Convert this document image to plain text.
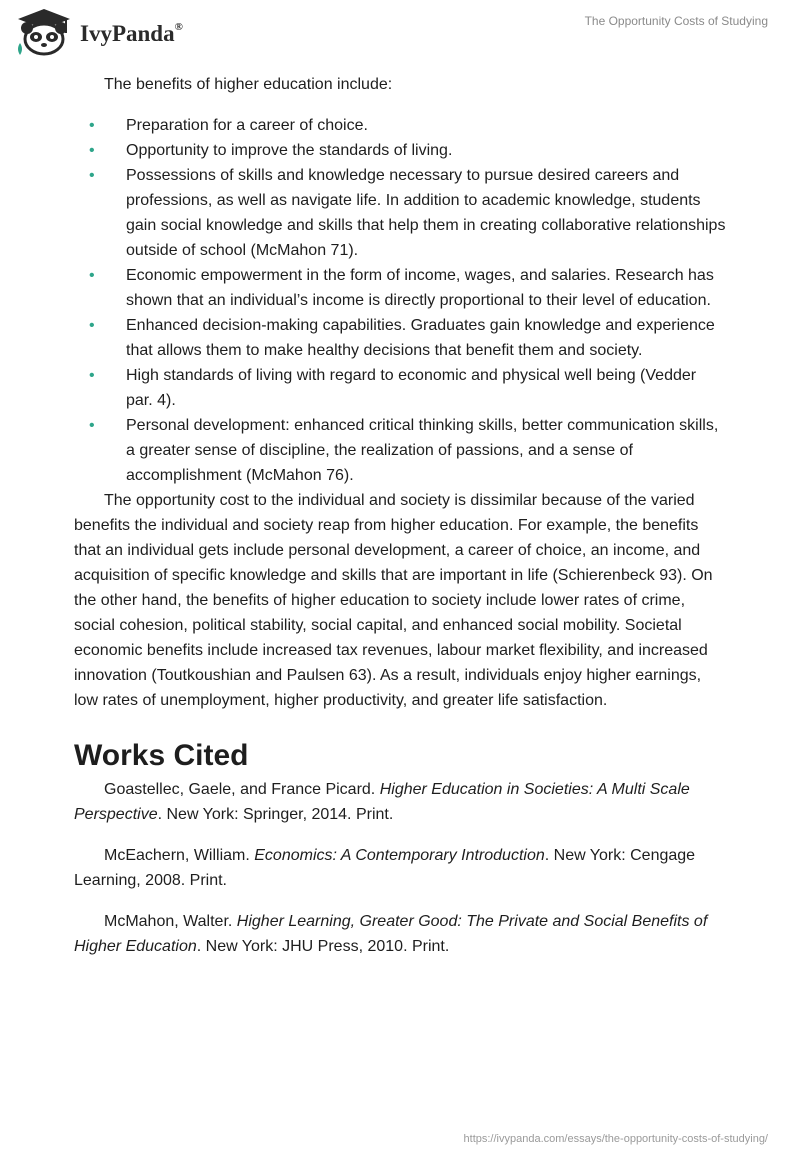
IvyPanda®	The Opportunity Costs of Studying

The benefits of higher education include:

• Preparation for a career of choice.
• Opportunity to improve the standards of living.
• Possessions of skills and knowledge necessary to pursue desired careers and professions, as well as navigate life. In addition to academic knowledge, students gain social knowledge and skills that help them in creating collaborative relationships outside of school (McMahon 71).
• Economic empowerment in the form of income, wages, and salaries. Research has shown that an individual’s income is directly proportional to their level of education.
• Enhanced decision-making capabilities. Graduates gain knowledge and experience that allows them to make healthy decisions that benefit them and society.
• High standards of living with regard to economic and physical well being (Vedder par. 4).
• Personal development: enhanced critical thinking skills, better communication skills, a greater sense of discipline, the realization of passions, and a sense of accomplishment (McMahon 76).

The opportunity cost to the individual and society is dissimilar because of the varied benefits the individual and society reap from higher education. For example, the benefits that an individual gets include personal development, a career of choice, an income, and acquisition of specific knowledge and skills that are important in life (Schierenbeck 93). On the other hand, the benefits of higher education to society include lower rates of crime, social cohesion, political stability, social capital, and enhanced social mobility. Societal economic benefits include increased tax revenues, labour market flexibility, and increased innovation (Toutkoushian and Paulsen 63). As a result, individuals enjoy higher earnings, low rates of unemployment, higher productivity, and greater life satisfaction.

Works Cited

Goastellec, Gaele, and France Picard. Higher Education in Societies: A Multi Scale Perspective. New York: Springer, 2014. Print.

McEachern, William. Economics: A Contemporary Introduction. New York: Cengage Learning, 2008. Print.

McMahon, Walter. Higher Learning, Greater Good: The Private and Social Benefits of Higher Education. New York: JHU Press, 2010. Print.

https://ivypanda.com/essays/the-opportunity-costs-of-studying/
